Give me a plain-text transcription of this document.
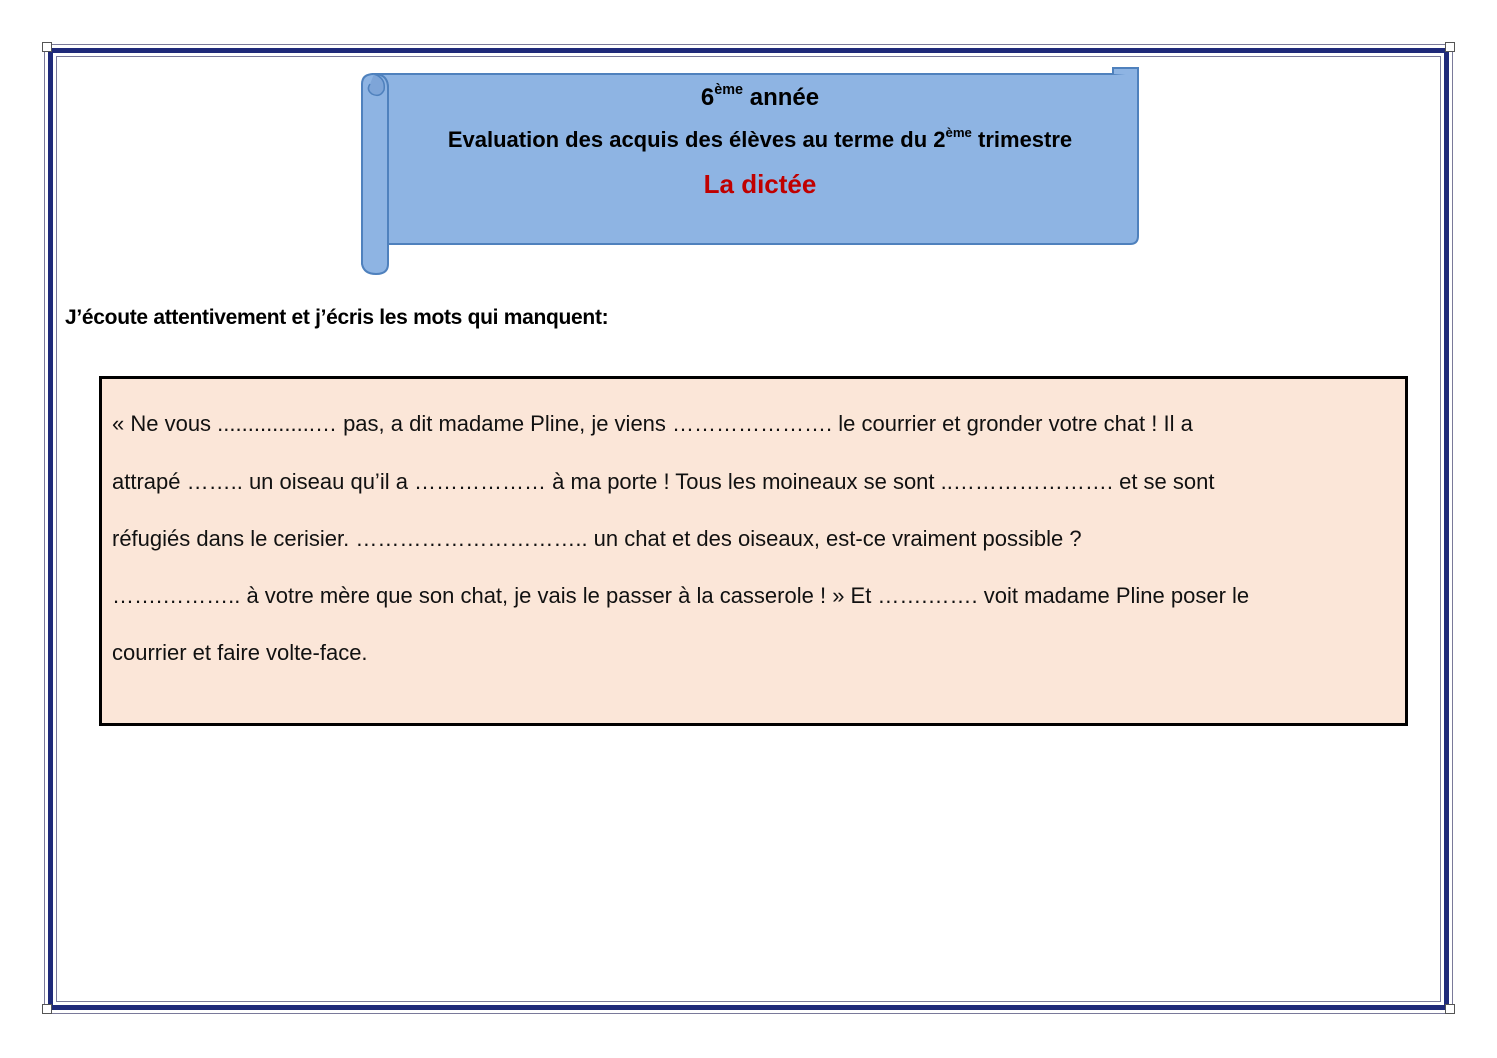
6ème année
Evaluation des acquis des élèves au terme du 2ème trimestre
La dictée
J’écoute attentivement et j’écris les mots qui manquent:
« Ne vous ................… pas, a dit madame Pline, je viens …………………. le courrier et gronder votre chat ! Il a
attrapé …….. un oiseau qu’il a ……………… à ma porte ! Tous les moineaux se sont ..…………………. et se sont
réfugiés dans le cerisier. ………………………….. un chat et des oiseaux, est-ce vraiment possible ?
…….……….. à votre mère que son chat, je vais le passer à la casserole ! » Et …….……. voit madame Pline poser le
courrier et faire volte-face.
